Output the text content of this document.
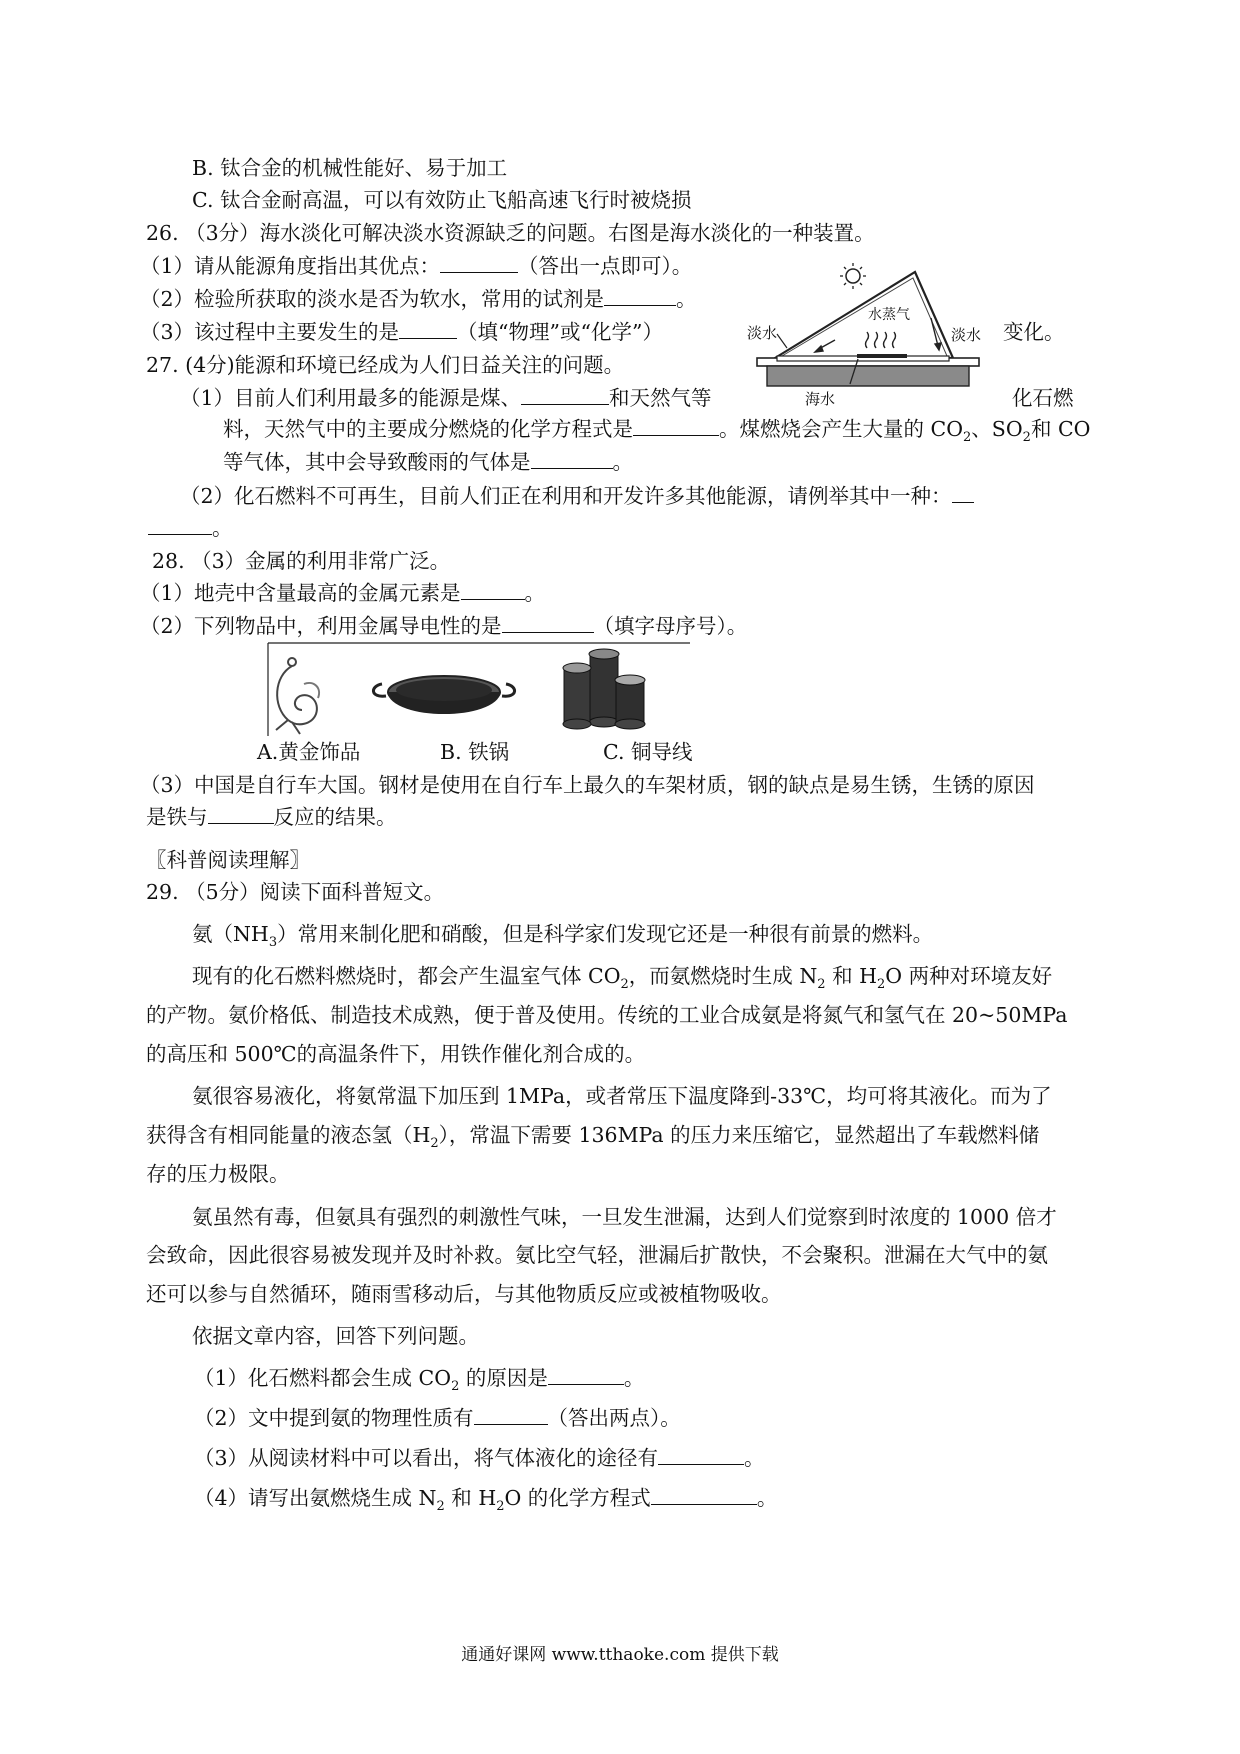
B. 钛合金的机械性能好、易于加工
C. 钛合金耐高温，可以有效防止飞船高速飞行时被烧损
26. （3分）海水淡化可解决淡水资源缺乏的问题。右图是海水淡化的一种装置。
（1）请从能源角度指出其优点：	（答出一点即可）。
（2）检验所获取的淡水是否为软水，常用的试剂是	。
（3）该过程中主要发生的是	（填“物理”或“化学”）	变化。
淡水	淡水
水蒸气
海水
27. (4分)能源和环境已经成为人们日益关注的问题。
（1）目前人们利用最多的能源是煤、	和天然气等	化石燃
料，天然气中的主要成分燃烧的化学方程式是	。煤燃烧会产生大量的 $CO_2$、$SO_2$和 CO
等气体，其中会导致酸雨的气体是	。
（2）化石燃料不可再生，目前人们正在利用和开发许多其他能源，请例举其中一种：
。
28. （3）金属的利用非常广泛。
（1）地壳中含量最高的金属元素是	。
（2）下列物品中，利用金属导电性的是	（填字母序号）。
A.黄金饰品	B. 铁锅	C. 铜导线
（3）中国是自行车大国。钢材是使用在自行车上最久的车架材质，钢的缺点是易生锈，生锈的原因
是铁与	反应的结果。
〖科普阅读理解〗
29. （5分）阅读下面科普短文。
氨$(NH_3)$常用来制化肥和硝酸，但是科学家们发现它还是一种很有前景的燃料。
现有的化石燃料燃烧时，都会产生温室气体 $CO_2$，而氨燃烧时生成 $N_2$ 和 $H_2O$ 两种对环境友好
的产物。氨价格低、制造技术成熟，便于普及使用。传统的工业合成氨是将氮气和氢气在 20~50MPa
的高压和 500℃的高温条件下，用铁作催化剂合成的。
氨很容易液化，将氨常温下加压到 1MPa，或者常压下温度降到-33℃，均可将其液化。而为了
获得含有相同能量的液态氢$(H_2)$，常温下需要 136MPa 的压力来压缩它，显然超出了车载燃料储
存的压力极限。
氨虽然有毒，但氨具有强烈的刺激性气味，一旦发生泄漏，达到人们觉察到时浓度的 1000 倍才
会致命，因此很容易被发现并及时补救。氨比空气轻，泄漏后扩散快，不会聚积。泄漏在大气中的氨
还可以参与自然循环，随雨雪移动后，与其他物质反应或被植物吸收。
依据文章内容，回答下列问题。
（1）化石燃料都会生成 $CO_2$ 的原因是	。
（2）文中提到氨的物理性质有	（答出两点）。
（3）从阅读材料中可以看出，将气体液化的途径有	。
（4）请写出氨燃烧生成 $N_2$ 和 $H_2O$ 的化学方程式	。
通通好课网 www.tthaoke.com 提供下载
